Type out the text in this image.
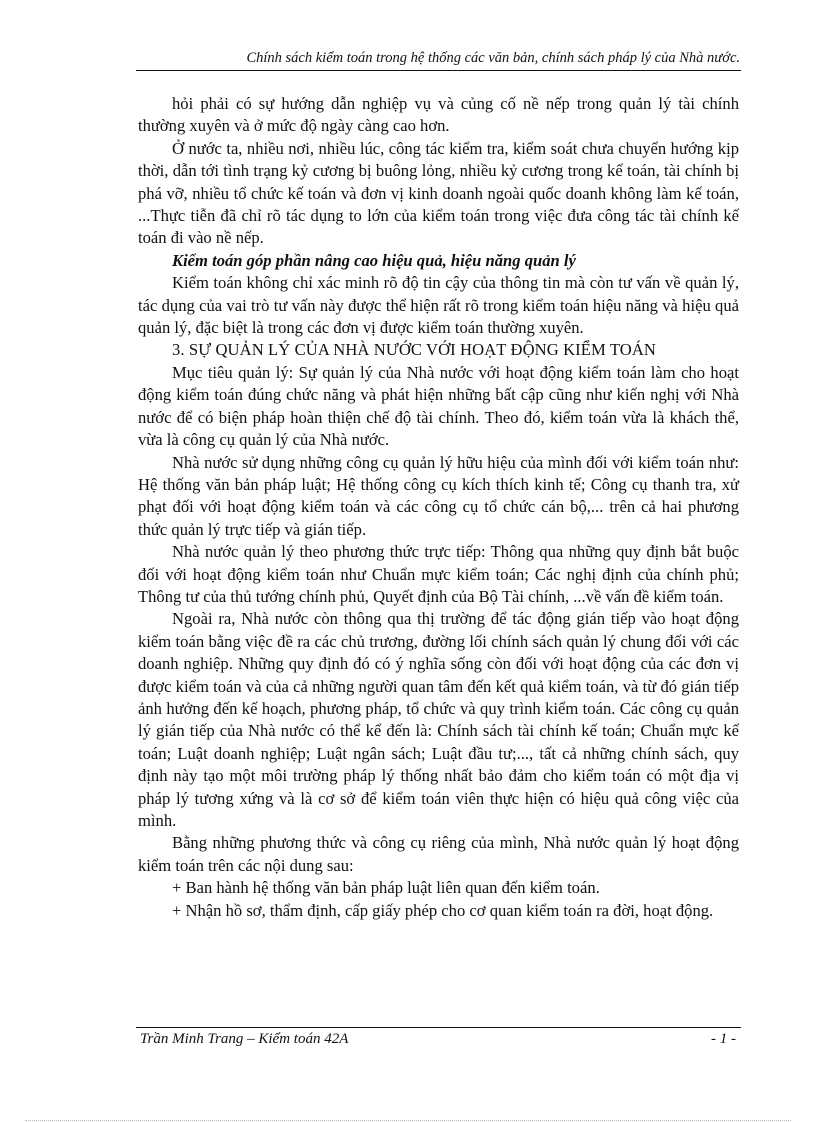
Chính sách kiểm toán trong hệ thống các văn bản, chính sách pháp lý của Nhà nước.

hỏi phải có sự hướng dẫn nghiệp vụ và củng cố nề nếp trong quản lý tài chính thường xuyên và ở mức độ ngày càng cao hơn.

Ở nước ta, nhiều nơi, nhiều lúc, công tác kiểm tra, kiểm soát chưa chuyển hướng kịp thời, dẫn tới tình trạng kỷ cương bị buông lỏng, nhiều kỷ cương trong kế toán, tài chính bị phá vỡ, nhiều tổ chức kế toán và đơn vị kinh doanh ngoài quốc doanh không làm kế toán, ...Thực tiễn đã chỉ rõ tác dụng to lớn của kiểm toán trong việc đưa công tác tài chính kế toán đi vào nề nếp.

Kiểm toán góp phần nâng cao hiệu quả, hiệu năng quản lý

Kiểm toán không chỉ xác minh rõ độ tin cậy của thông tin mà còn tư vấn về quản lý, tác dụng của vai trò tư vấn này được thể hiện rất rõ trong kiểm toán hiệu năng và hiệu quả quản lý, đặc biệt là trong các đơn vị được kiểm toán thường xuyên.

3. SỰ QUẢN LÝ CỦA NHÀ NƯỚC VỚI HOẠT ĐỘNG KIỂM TOÁN

Mục tiêu quản lý: Sự quản lý của Nhà nước với hoạt động kiểm toán làm cho hoạt động kiểm toán đúng chức năng và phát hiện những bất cập cũng như kiến nghị với Nhà nước để có biện pháp hoàn thiện chế độ tài chính. Theo đó, kiểm toán vừa là khách thể, vừa là công cụ quản lý của Nhà nước.

Nhà nước sử dụng những công cụ quản lý hữu hiệu của mình đối với kiểm toán như: Hệ thống văn bản pháp luật; Hệ thống công cụ kích thích kinh tế; Công cụ thanh tra, xử phạt đối với hoạt động kiểm toán và các công cụ tổ chức cán bộ,... trên cả hai phương thức quản lý trực tiếp và gián tiếp.

Nhà nước quản lý theo phương thức trực tiếp: Thông qua những quy định bắt buộc đối với hoạt động kiểm toán như Chuẩn mực kiểm toán; Các nghị định của chính phủ; Thông tư của thủ tướng chính phủ, Quyết định của Bộ Tài chính, ...về vấn đề kiểm toán.

Ngoài ra, Nhà nước còn thông qua thị trường để tác động gián tiếp vào hoạt động kiểm toán bằng việc đề ra các chủ trương, đường lối chính sách quản lý chung đối với các doanh nghiệp. Những quy định đó có ý nghĩa sống còn đối với hoạt động của các đơn vị được kiểm toán và của cả những người quan tâm đến kết quả kiểm toán, và từ đó gián tiếp ảnh hưởng đến kế hoạch, phương pháp, tổ chức và quy trình kiểm toán. Các công cụ quản lý gián tiếp của Nhà nước có thể kể đến là: Chính sách tài chính kế toán; Chuẩn mực kế toán; Luật doanh nghiệp; Luật ngân sách; Luật đầu tư;..., tất cả những chính sách, quy định này tạo một môi trường pháp lý thống nhất bảo đảm cho kiểm toán có một địa vị pháp lý tương xứng và là cơ sở để kiểm toán viên thực hiện có hiệu quả công việc của mình.

Bằng những phương thức và công cụ riêng của mình, Nhà nước quản lý hoạt động kiểm toán trên các nội dung sau:

+ Ban hành hệ thống văn bản pháp luật liên quan đến kiểm toán.

+ Nhận hồ sơ, thẩm định, cấp giấy phép cho cơ quan kiểm toán ra đời, hoạt động.

Trần Minh Trang – Kiểm toán 42A	- 1 -
